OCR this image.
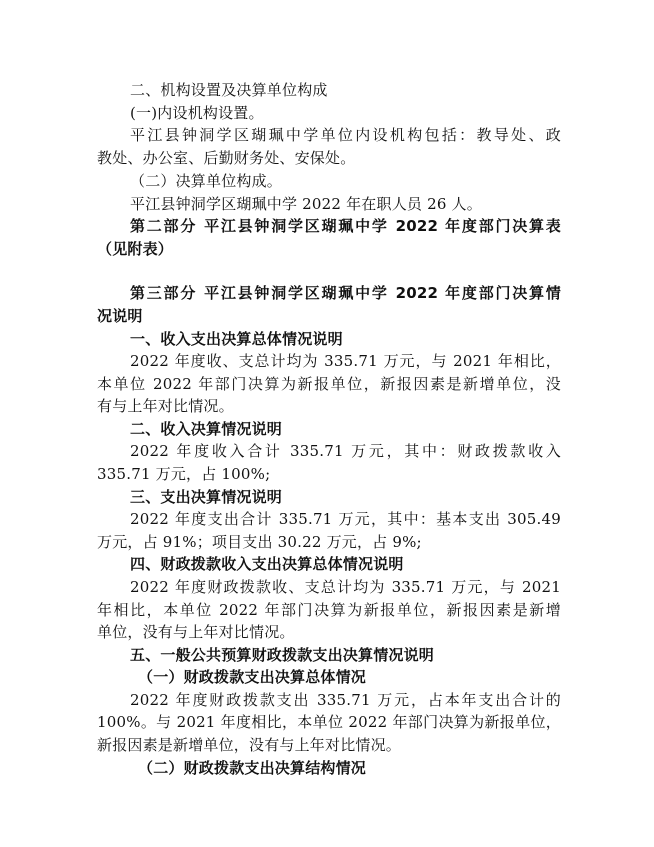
二、机构设置及决算单位构成
(一)内设机构设置。
平江县钟洞学区瑚珮中学单位内设机构包括：教导处、政
教处、办公室、后勤财务处、安保处。
（二）决算单位构成。
平江县钟洞学区瑚珮中学 2022 年在职人员 26 人。
第二部分 平江县钟洞学区瑚珮中学 2022 年度部门决算表
（见附表）
第三部分 平江县钟洞学区瑚珮中学 2022 年度部门决算情
况说明
一、收入支出决算总体情况说明
2022 年度收、支总计均为 335.71 万元，与 2021 年相比，
本单位 2022 年部门决算为新报单位，新报因素是新增单位，没
有与上年对比情况。
二、收入决算情况说明
2022 年度收入合计 335.71 万元，其中：财政拨款收入
335.71 万元，占 100%;
三、支出决算情况说明
2022 年度支出合计 335.71 万元，其中：基本支出 305.49
万元，占 91%；项目支出 30.22 万元，占 9%;
四、财政拨款收入支出决算总体情况说明
2022 年度财政拨款收、支总计均为 335.71 万元，与 2021
年相比，本单位 2022 年部门决算为新报单位，新报因素是新增
单位，没有与上年对比情况。
五、一般公共预算财政拨款支出决算情况说明
（一）财政拨款支出决算总体情况
2022 年度财政拨款支出 335.71 万元，占本年支出合计的
100%。与 2021 年度相比，本单位 2022 年部门决算为新报单位，
新报因素是新增单位，没有与上年对比情况。
（二）财政拨款支出决算结构情况
